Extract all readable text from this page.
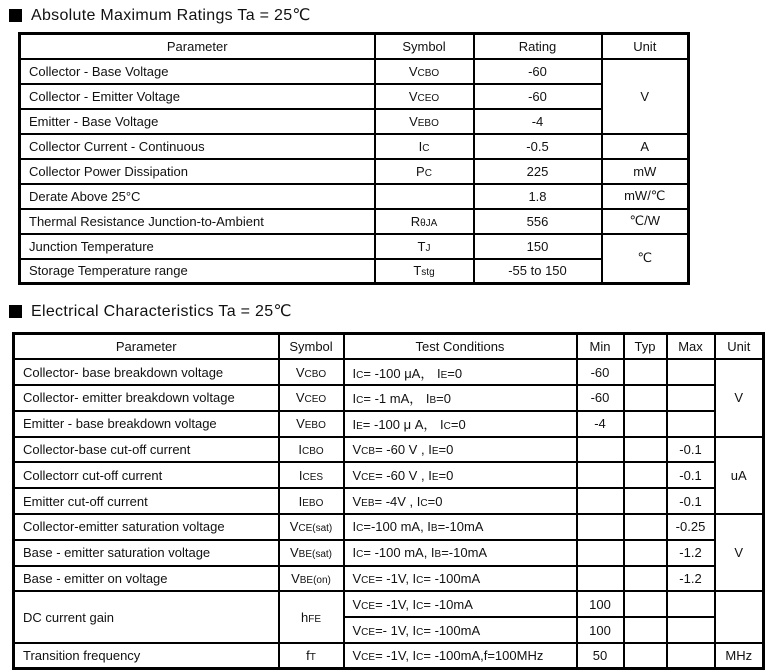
Absolute Maximum Ratings Ta = 25℃
Parameter	Symbol	Rating	Unit
Collector - Base Voltage	VCBO	-60	V
Collector - Emitter Voltage	VCEO	-60	
Emitter - Base Voltage	VEBO	-4	
Collector Current - Continuous	IC	-0.5	A
Collector Power Dissipation	PC	225	mW
Derate Above 25°C		1.8	mW/℃
Thermal Resistance Junction-to-Ambient	RθJA	556	℃/W
Junction Temperature	TJ	150	℃
Storage Temperature range	Tstg	-55 to 150	
Electrical Characteristics Ta = 25℃
Parameter	Symbol	Test Conditions	Min	Typ	Max	Unit
Collector- base breakdown voltage	VCBO	IC= -100 μA， IE=0	-60			V
Collector- emitter breakdown voltage	VCEO	IC= -1 mA， IB=0	-60			
Emitter - base breakdown voltage	VEBO	IE= -100 μ A， IC=0	-4			
Collector-base cut-off current	ICBO	VCB= -60 V , IE=0			-0.1	uA
Collectorr cut-off current	ICES	VCE= -60 V , IE=0			-0.1	
Emitter cut-off current	IEBO	VEB= -4V , IC=0			-0.1	
Collector-emitter saturation voltage	VCE(sat)	IC=-100 mA, IB=-10mA			-0.25	V
Base - emitter saturation voltage	VBE(sat)	IC= -100 mA, IB=-10mA			-1.2	
Base - emitter on voltage	VBE(on)	VCE= -1V, IC= -100mA			-1.2	
DC current gain	hFE	VCE= -1V, IC= -10mA	100			
		VCE=- 1V, IC= -100mA	100			
Transition frequency	fT	VCE= -1V, IC= -100mA,f=100MHz	50			MHz
